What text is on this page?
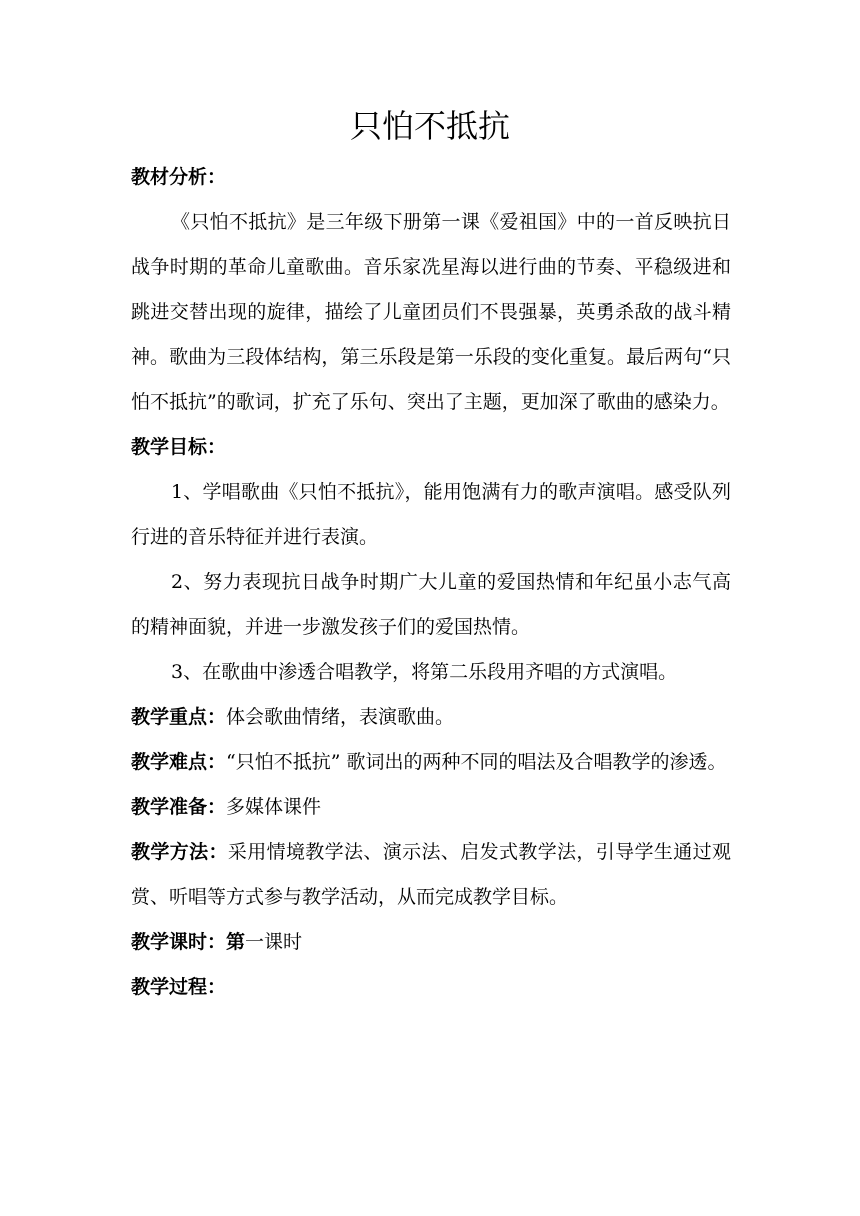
只怕不抵抗

教材分析：

《只怕不抵抗》是三年级下册第一课《爱祖国》中的一首反映抗日战争时期的革命儿童歌曲。音乐家冼星海以进行曲的节奏、平稳级进和跳进交替出现的旋律，描绘了儿童团员们不畏强暴，英勇杀敌的战斗精神。歌曲为三段体结构，第三乐段是第一乐段的变化重复。最后两句“只怕不抵抗”的歌词，扩充了乐句、突出了主题，更加深了歌曲的感染力。

教学目标：

1、学唱歌曲《只怕不抵抗》，能用饱满有力的歌声演唱。感受队列行进的音乐特征并进行表演。

2、努力表现抗日战争时期广大儿童的爱国热情和年纪虽小志气高的精神面貌，并进一步激发孩子们的爱国热情。

3、在歌曲中渗透合唱教学，将第二乐段用齐唱的方式演唱。

教学重点：体会歌曲情绪，表演歌曲。

教学难点：“只怕不抵抗” 歌词出的两种不同的唱法及合唱教学的渗透。

教学准备：多媒体课件

教学方法：采用情境教学法、演示法、启发式教学法，引导学生通过观赏、听唱等方式参与教学活动，从而完成教学目标。

教学课时：第一课时

教学过程：
